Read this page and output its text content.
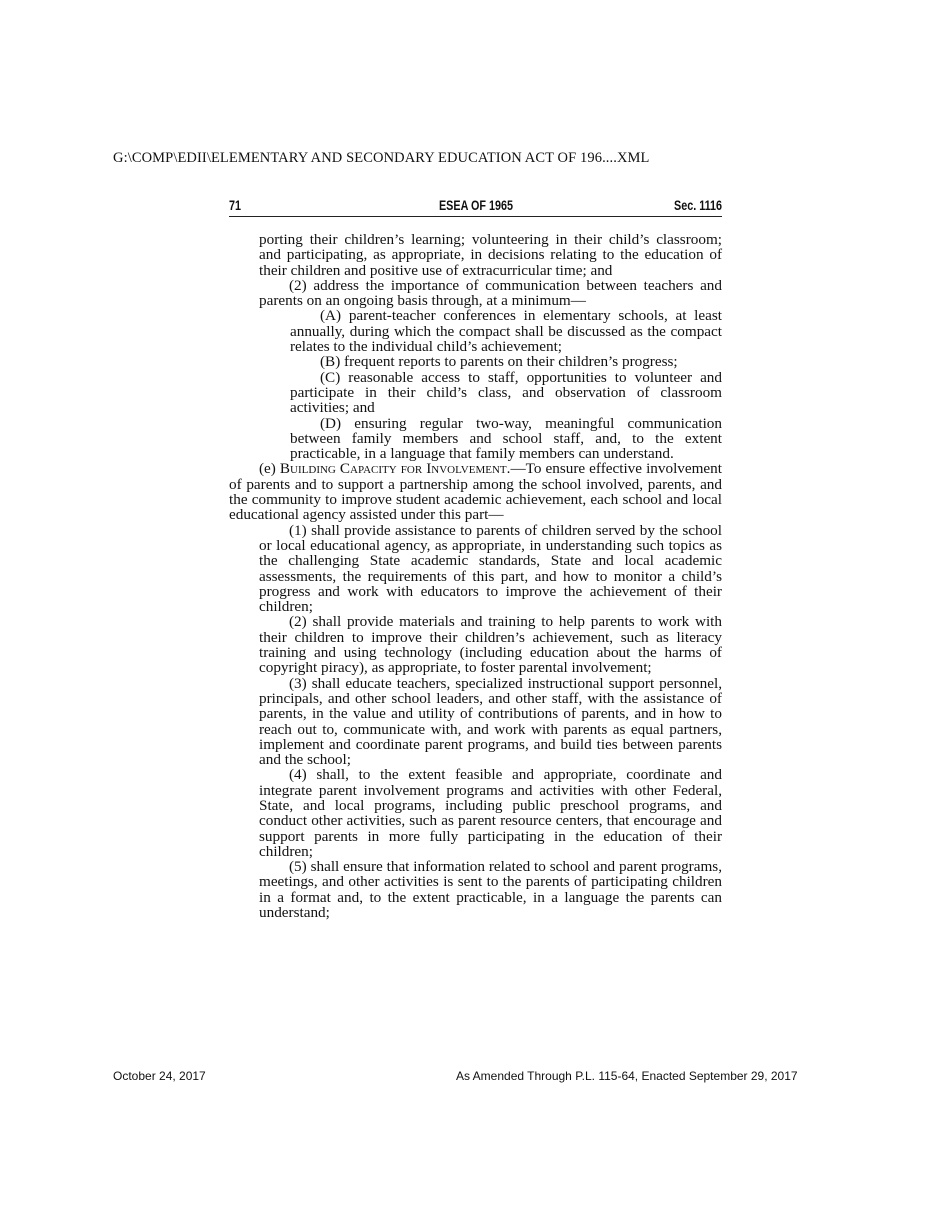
G:\COMP\EDII\ELEMENTARY AND SECONDARY EDUCATION ACT OF 196....XML
71	ESEA OF 1965	Sec. 1116

porting their children’s learning; volunteering in their child’s classroom; and participating, as appropriate, in decisions relating to the education of their children and positive use of extracurricular time; and

(2) address the importance of communication between teachers and parents on an ongoing basis through, at a minimum—

(A) parent-teacher conferences in elementary schools, at least annually, during which the compact shall be discussed as the compact relates to the individual child’s achievement;

(B) frequent reports to parents on their children’s progress;

(C) reasonable access to staff, opportunities to volunteer and participate in their child’s class, and observation of classroom activities; and

(D) ensuring regular two-way, meaningful communication between family members and school staff, and, to the extent practicable, in a language that family members can understand.

(e) Building Capacity for Involvement.—To ensure effective involvement of parents and to support a partnership among the school involved, parents, and the community to improve student academic achievement, each school and local educational agency assisted under this part—

(1) shall provide assistance to parents of children served by the school or local educational agency, as appropriate, in understanding such topics as the challenging State academic standards, State and local academic assessments, the requirements of this part, and how to monitor a child’s progress and work with educators to improve the achievement of their children;

(2) shall provide materials and training to help parents to work with their children to improve their children’s achievement, such as literacy training and using technology (including education about the harms of copyright piracy), as appropriate, to foster parental involvement;

(3) shall educate teachers, specialized instructional support personnel, principals, and other school leaders, and other staff, with the assistance of parents, in the value and utility of contributions of parents, and in how to reach out to, communicate with, and work with parents as equal partners, implement and coordinate parent programs, and build ties between parents and the school;

(4) shall, to the extent feasible and appropriate, coordinate and integrate parent involvement programs and activities with other Federal, State, and local programs, including public preschool programs, and conduct other activities, such as parent resource centers, that encourage and support parents in more fully participating in the education of their children;

(5) shall ensure that information related to school and parent programs, meetings, and other activities is sent to the parents of participating children in a format and, to the extent practicable, in a language the parents can understand;

October 24, 2017	As Amended Through P.L. 115-64, Enacted September 29, 2017
